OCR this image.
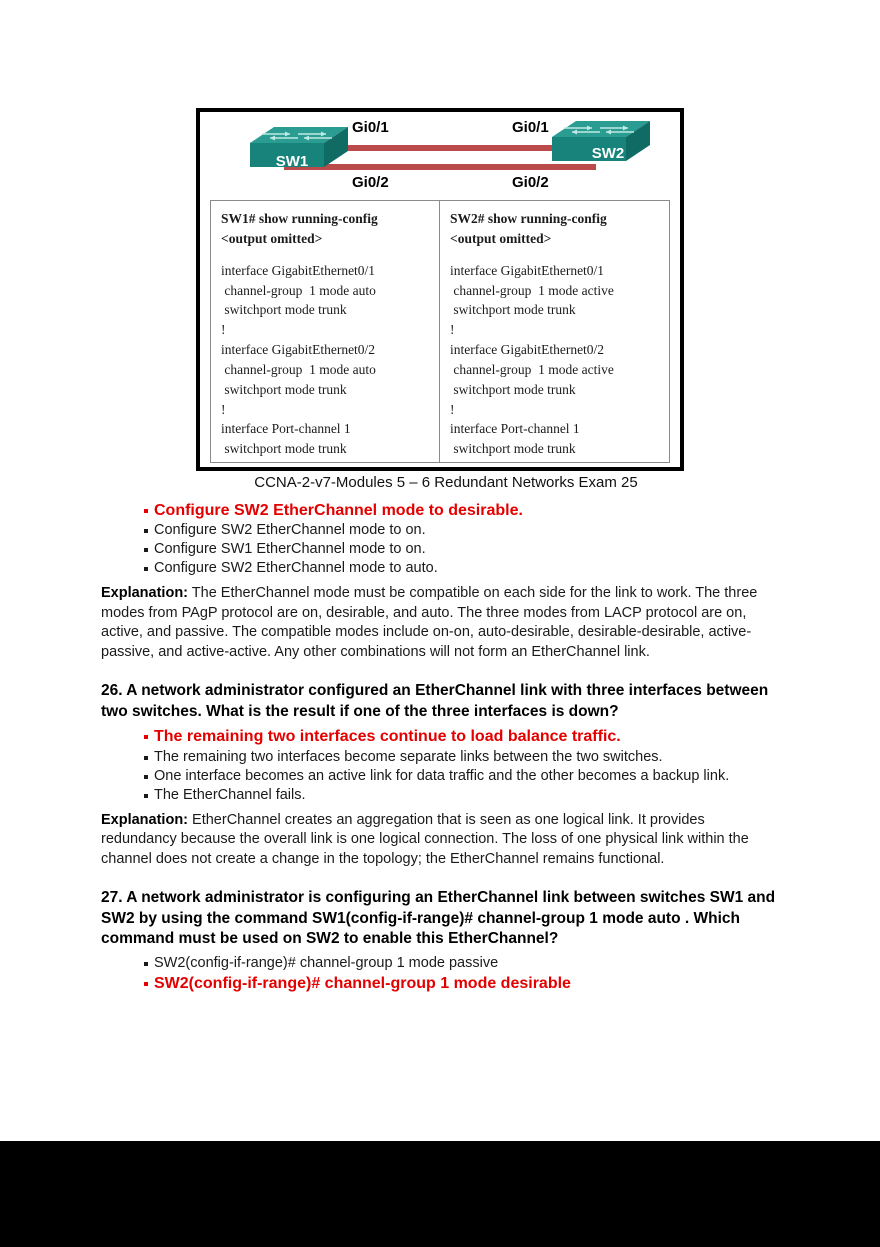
SW1	SW2
Gi0/1
Gi0/2
Gi0/1
Gi0/2
SW1# show running-config
<output omitted>
interface GigabitEthernet0/1
channel-group  1 mode auto
switchport mode trunk
!
interface GigabitEthernet0/2
channel-group  1 mode auto
switchport mode trunk
!
interface Port-channel 1
switchport mode trunk
SW2# show running-config
<output omitted>
interface GigabitEthernet0/1
channel-group  1 mode active
switchport mode trunk
!
interface GigabitEthernet0/2
channel-group  1 mode active
switchport mode trunk
!
interface Port-channel 1
switchport mode trunk
CCNA-2-v7-Modules 5 – 6 Redundant Networks Exam 25
Configure SW2 EtherChannel mode to desirable.
Configure SW2 EtherChannel mode to on.
Configure SW1 EtherChannel mode to on.
Configure SW2 EtherChannel mode to auto.
Explanation: The EtherChannel mode must be compatible on each side for the link to work. The three modes from PAgP protocol are on, desirable, and auto. The three modes from LACP protocol are on, active, and passive. The compatible modes include on-on, auto-desirable, desirable-desirable, active-passive, and active-active. Any other combinations will not form an EtherChannel link.
26. A network administrator configured an EtherChannel link with three interfaces between two switches. What is the result if one of the three interfaces is down?
The remaining two interfaces continue to load balance trafﬁc.
The remaining two interfaces become separate links between the two switches.
One interface becomes an active link for data traffic and the other becomes a backup link.
The EtherChannel fails.
Explanation: EtherChannel creates an aggregation that is seen as one logical link. It provides redundancy because the overall link is one logical connection. The loss of one physical link within the channel does not create a change in the topology; the EtherChannel remains functional.
27. A network administrator is configuring an EtherChannel link between switches SW1 and SW2 by using the command SW1(config-if-range)# channel-group 1 mode auto . Which command must be used on SW2 to enable this EtherChannel?
SW2(config-if-range)# channel-group 1 mode passive
SW2(config-if-range)# channel-group 1 mode desirable
